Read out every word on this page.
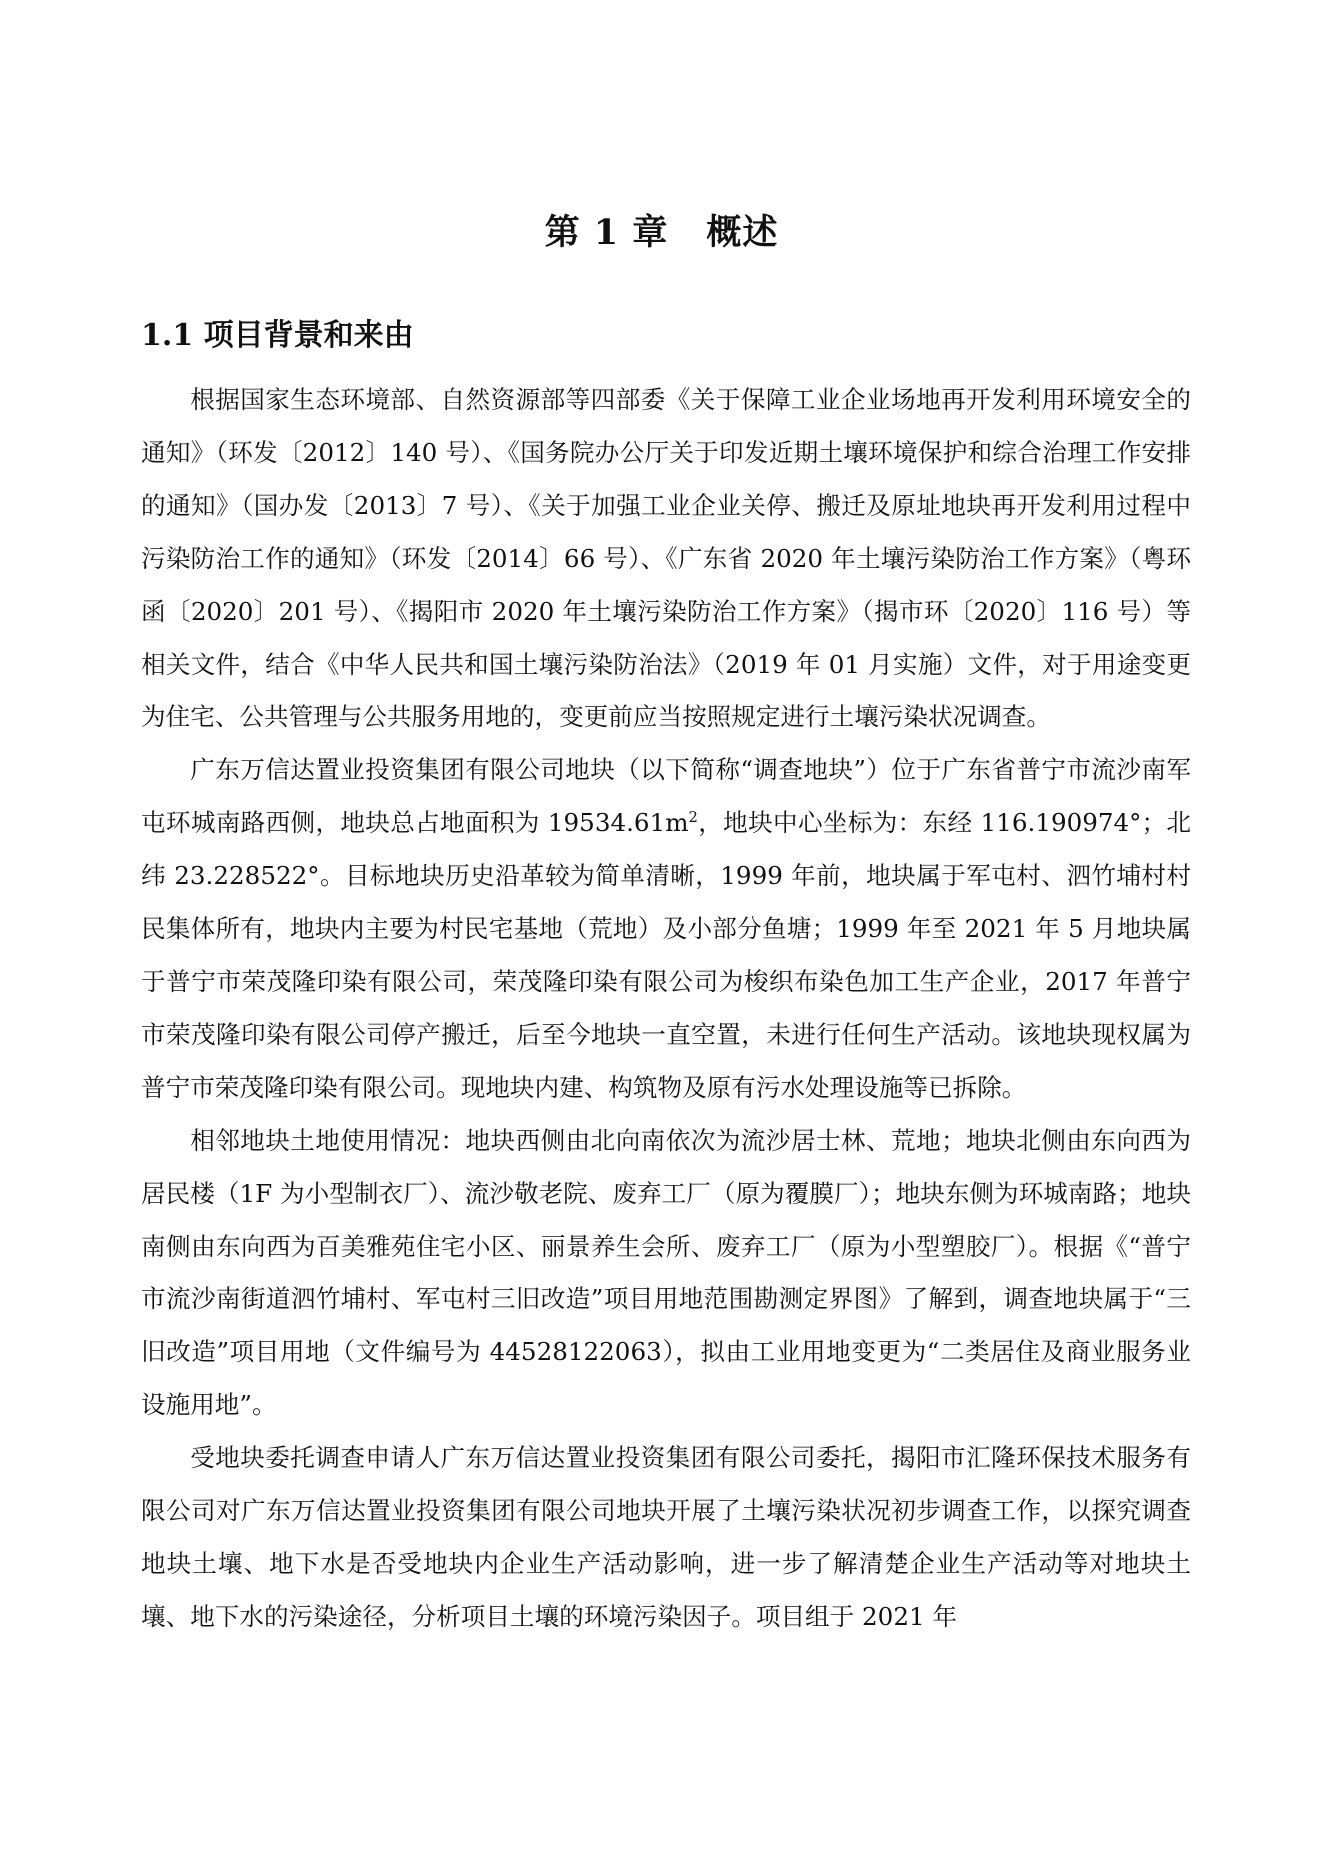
第 1 章 概述
1.1 项目背景和来由

根据国家生态环境部、自然资源部等四部委《关于保障工业企业场地再开发利用环境安全的通知》（环发〔2012〕140 号）、《国务院办公厅关于印发近期土壤环境保护和综合治理工作安排的通知》（国办发〔2013〕7 号）、《关于加强工业企业关停、搬迁及原址地块再开发利用过程中污染防治工作的通知》（环发〔2014〕66 号）、《广东省 2020 年土壤污染防治工作方案》（粤环函〔2020〕201 号）、《揭阳市 2020 年土壤污染防治工作方案》（揭市环〔2020〕116 号）等相关文件，结合《中华人民共和国土壤污染防治法》（2019 年 01 月实施）文件，对于用途变更为住宅、公共管理与公共服务用地的，变更前应当按照规定进行土壤污染状况调查。

广东万信达置业投资集团有限公司地块（以下简称“调查地块”）位于广东省普宁市流沙南军屯环城南路西侧，地块总占地面积为 $19534.61m^2$，地块中心坐标为：东经 116.190974°；北纬 23.228522°。目标地块历史沿革较为简单清晰，1999 年前，地块属于军屯村、泗竹埔村村民集体所有，地块内主要为村民宅基地（荒地）及小部分鱼塘；1999 年至 2021 年 5 月地块属于普宁市荣茂隆印染有限公司，荣茂隆印染有限公司为梭织布染色加工生产企业，2017 年普宁市荣茂隆印染有限公司停产搬迁，后至今地块一直空置，未进行任何生产活动。该地块现权属为普宁市荣茂隆印染有限公司。现地块内建、构筑物及原有污水处理设施等已拆除。

相邻地块土地使用情况：地块西侧由北向南依次为流沙居士林、荒地；地块北侧由东向西为居民楼（1F 为小型制衣厂）、流沙敬老院、废弃工厂（原为覆膜厂）；地块东侧为环城南路；地块南侧由东向西为百美雅苑住宅小区、丽景养生会所、废弃工厂（原为小型塑胶厂）。根据《“普宁市流沙南街道泗竹埔村、军屯村三旧改造”项目用地范围勘测定界图》了解到，调查地块属于“三旧改造”项目用地（文件编号为 44528122063），拟由工业用地变更为“二类居住及商业服务业设施用地”。

受地块委托调查申请人广东万信达置业投资集团有限公司委托，揭阳市汇隆环保技术服务有限公司对广东万信达置业投资集团有限公司地块开展了土壤污染状况初步调查工作，以探究调查地块土壤、地下水是否受地块内企业生产活动影响，进一步了解清楚企业生产活动等对地块土壤、地下水的污染途径，分析项目土壤的环境污染因子。项目组于 2021 年
